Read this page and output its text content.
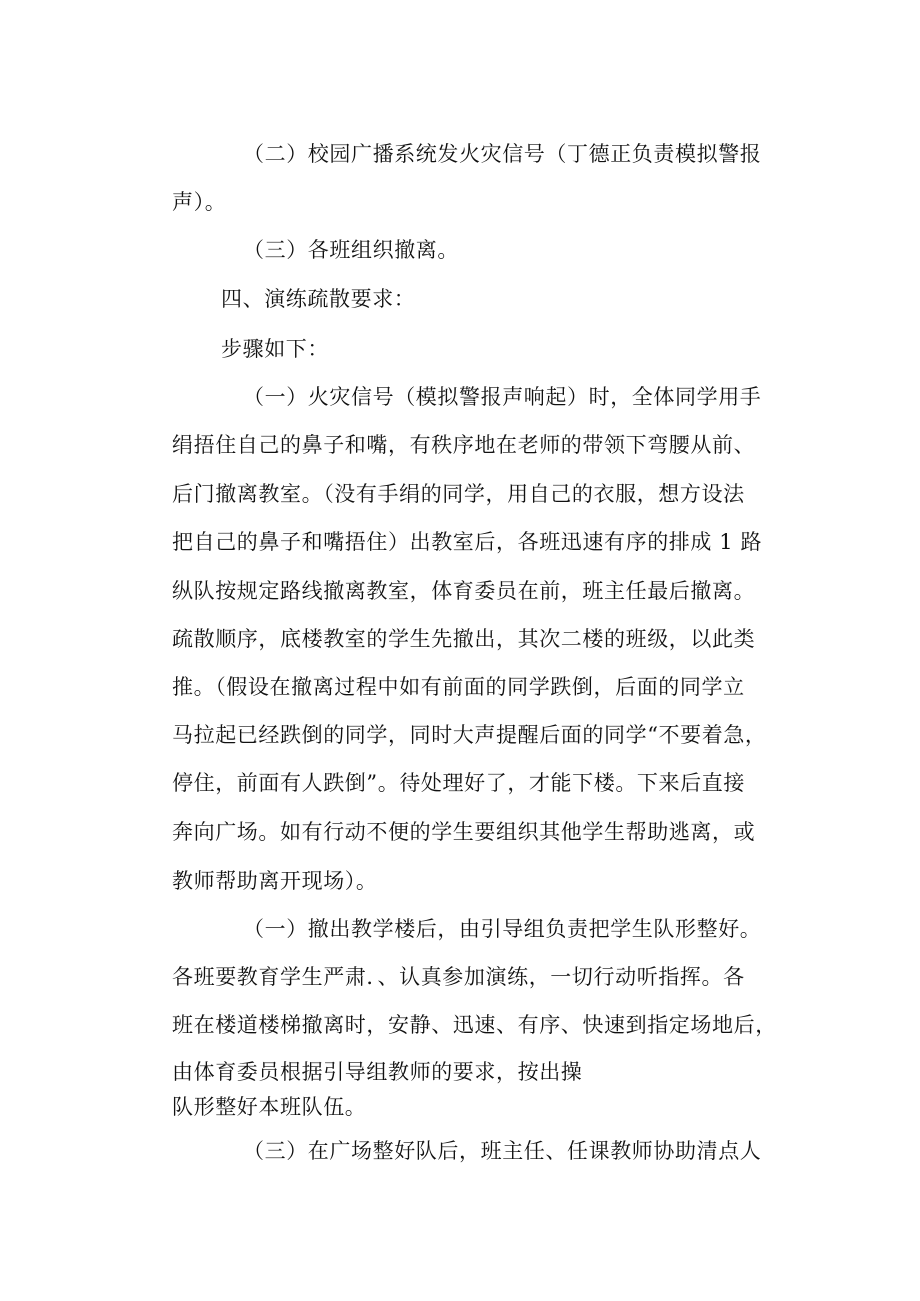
（二）校园广播系统发火灾信号（丁德正负责模拟警报
声）。
（三）各班组织撤离。
四、演练疏散要求：
步骤如下：
（一）火灾信号（模拟警报声响起）时，全体同学用手
绢捂住自己的鼻子和嘴，有秩序地在老师的带领下弯腰从前、
后门撤离教室。（没有手绢的同学，用自己的衣服，想方设法
把自己的鼻子和嘴捂住）出教室后，各班迅速有序的排成 1 路
纵队按规定路线撤离教室，体育委员在前，班主任最后撤离。
疏散顺序，底楼教室的学生先撤出，其次二楼的班级，以此类
推。（假设在撤离过程中如有前面的同学跌倒，后面的同学立
马拉起已经跌倒的同学，同时大声提醒后面的同学“不要着急，
停住，前面有人跌倒”。待处理好了，才能下楼。下来后直接
奔向广场。如有行动不便的学生要组织其他学生帮助逃离，或
教师帮助离开现场）。
（一）撤出教学楼后，由引导组负责把学生队形整好。
各班要教育学生严肃．、认真参加演练，一切行动听指挥。各
班在楼道楼梯撤离时，安静、迅速、有序、快速到指定场地后，
由体育委员根据引导组教师的要求，按出操
队形整好本班队伍。
（三）在广场整好队后，班主任、任课教师协助清点人
